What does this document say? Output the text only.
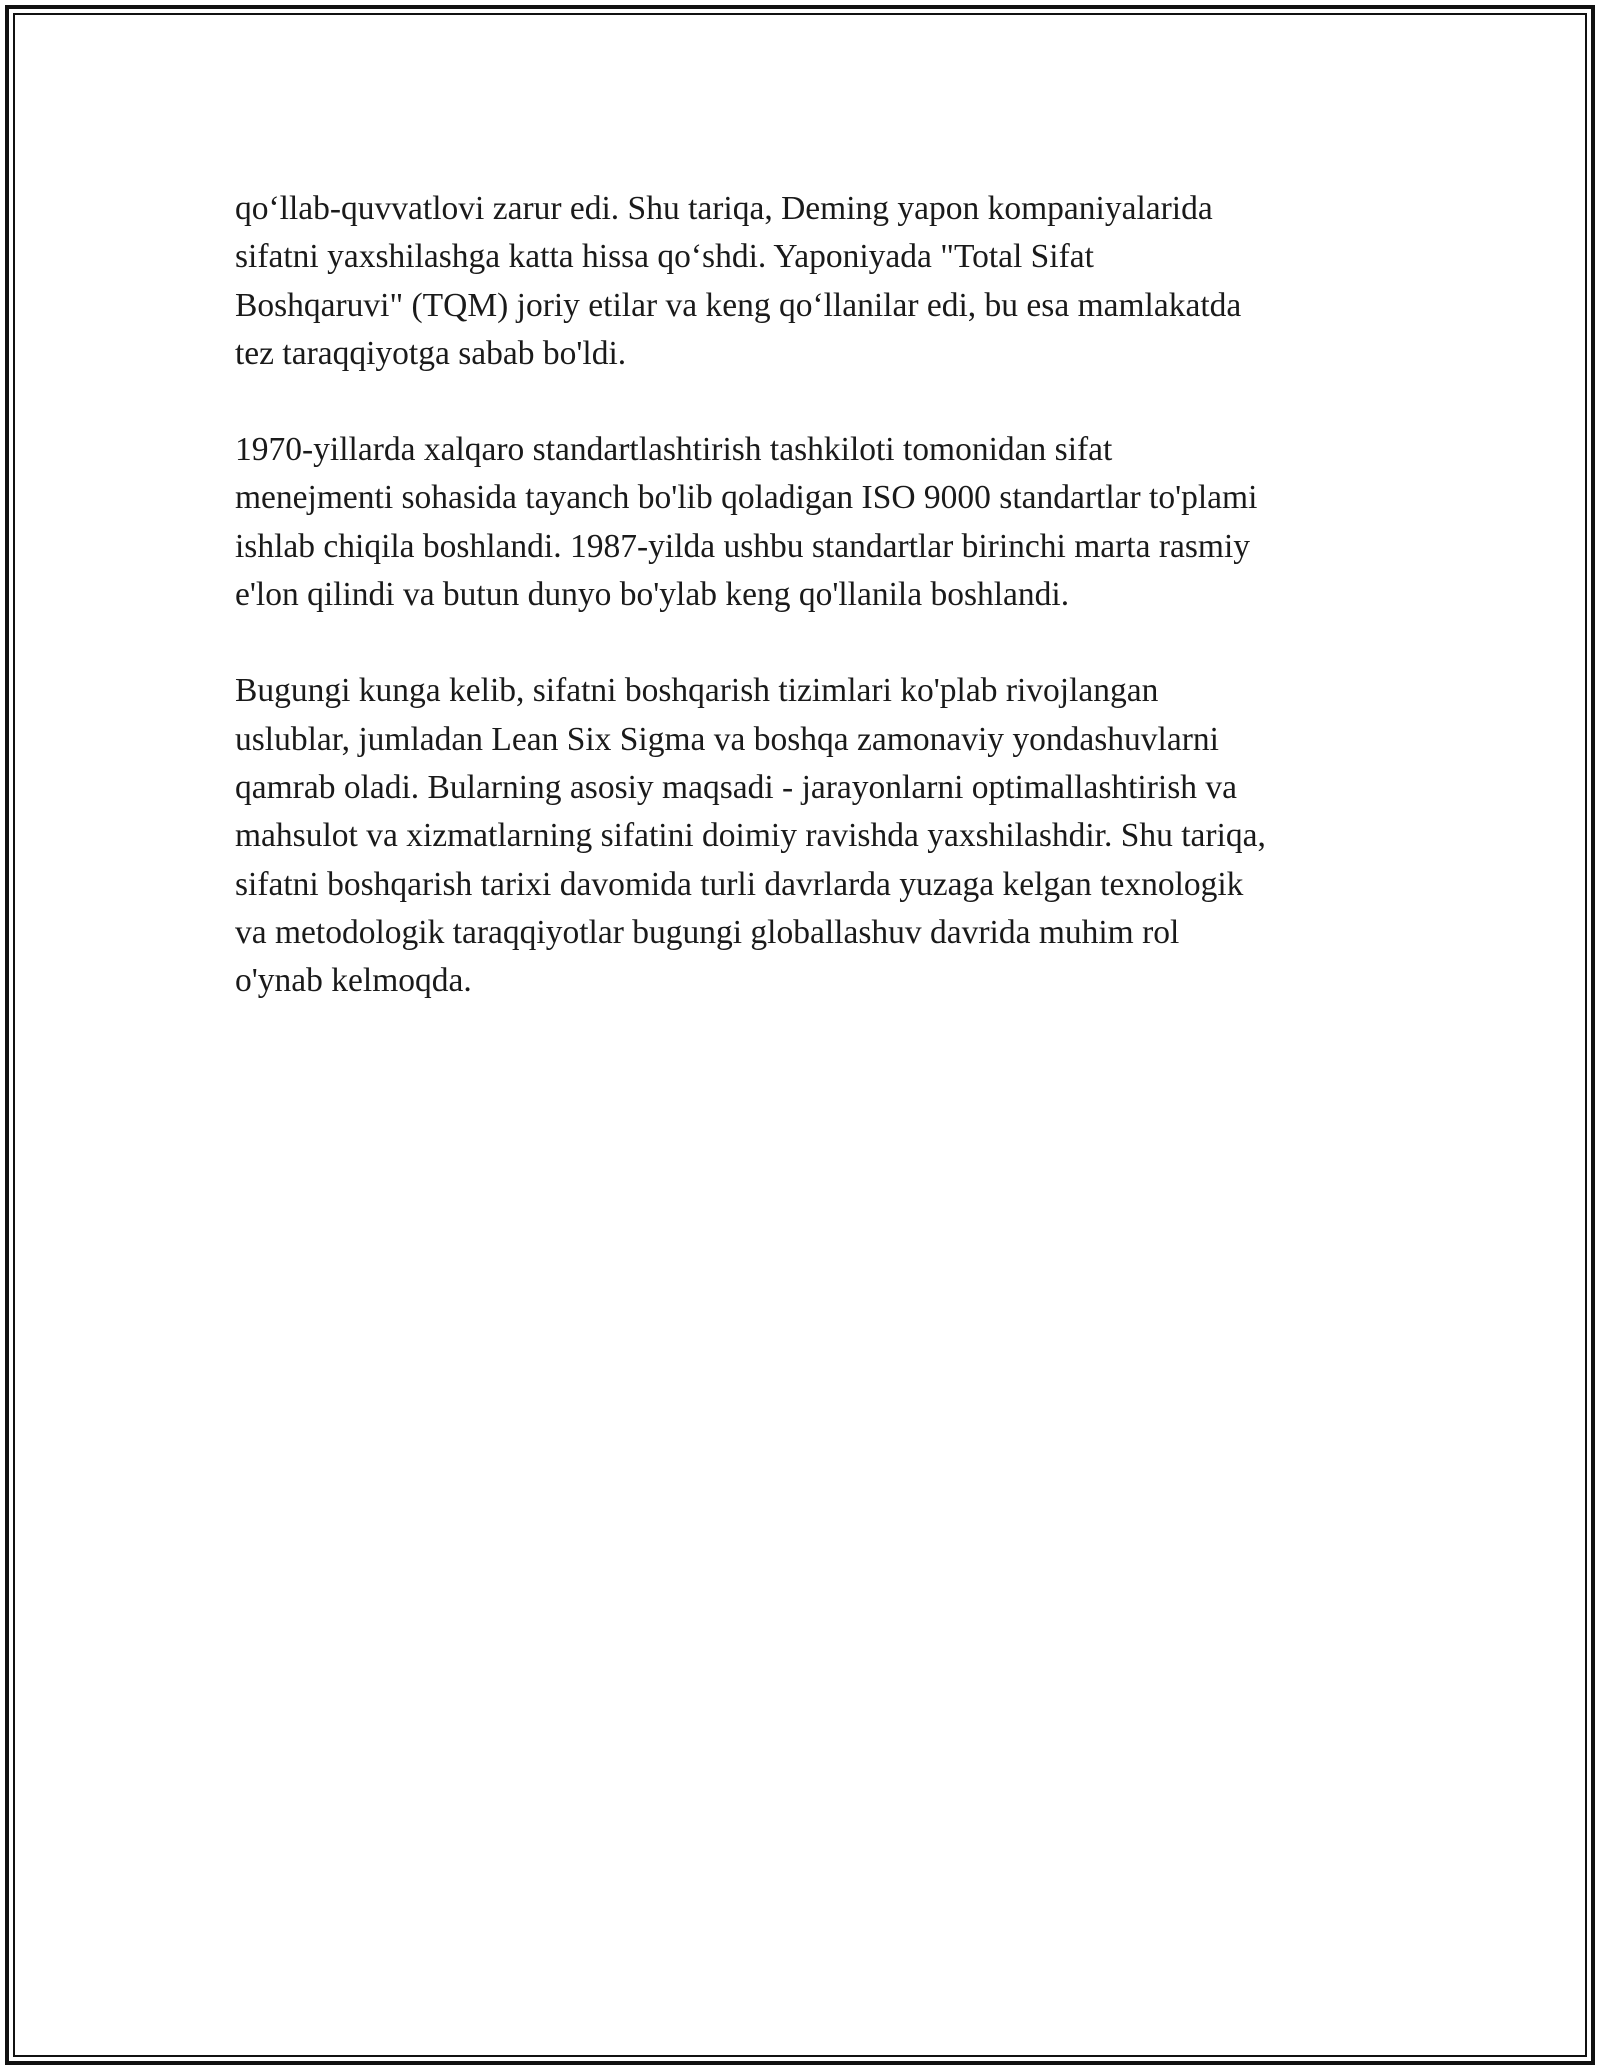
qo‘llab-quvvatlovi zarur edi. Shu tariqa, Deming yapon kompaniyalarida
sifatni yaxshilashga katta hissa qo‘shdi. Yaponiyada "Total Sifat
Boshqaruvi" (TQM) joriy etilar va keng qo‘llanilar edi, bu esa mamlakatda
tez taraqqiyotga sabab bo'ldi.

1970-yillarda xalqaro standartlashtirish tashkiloti tomonidan sifat
menejmenti sohasida tayanch bo'lib qoladigan ISO 9000 standartlar to'plami
ishlab chiqila boshlandi. 1987-yilda ushbu standartlar birinchi marta rasmiy
e'lon qilindi va butun dunyo bo'ylab keng qo'llanila boshlandi.

Bugungi kunga kelib, sifatni boshqarish tizimlari ko'plab rivojlangan
uslublar, jumladan Lean Six Sigma va boshqa zamonaviy yondashuvlarni
qamrab oladi. Bularning asosiy maqsadi - jarayonlarni optimallashtirish va
mahsulot va xizmatlarning sifatini doimiy ravishda yaxshilashdir. Shu tariqa,
sifatni boshqarish tarixi davomida turli davrlarda yuzaga kelgan texnologik
va metodologik taraqqiyotlar bugungi globallashuv davrida muhim rol
o'ynab kelmoqda.
